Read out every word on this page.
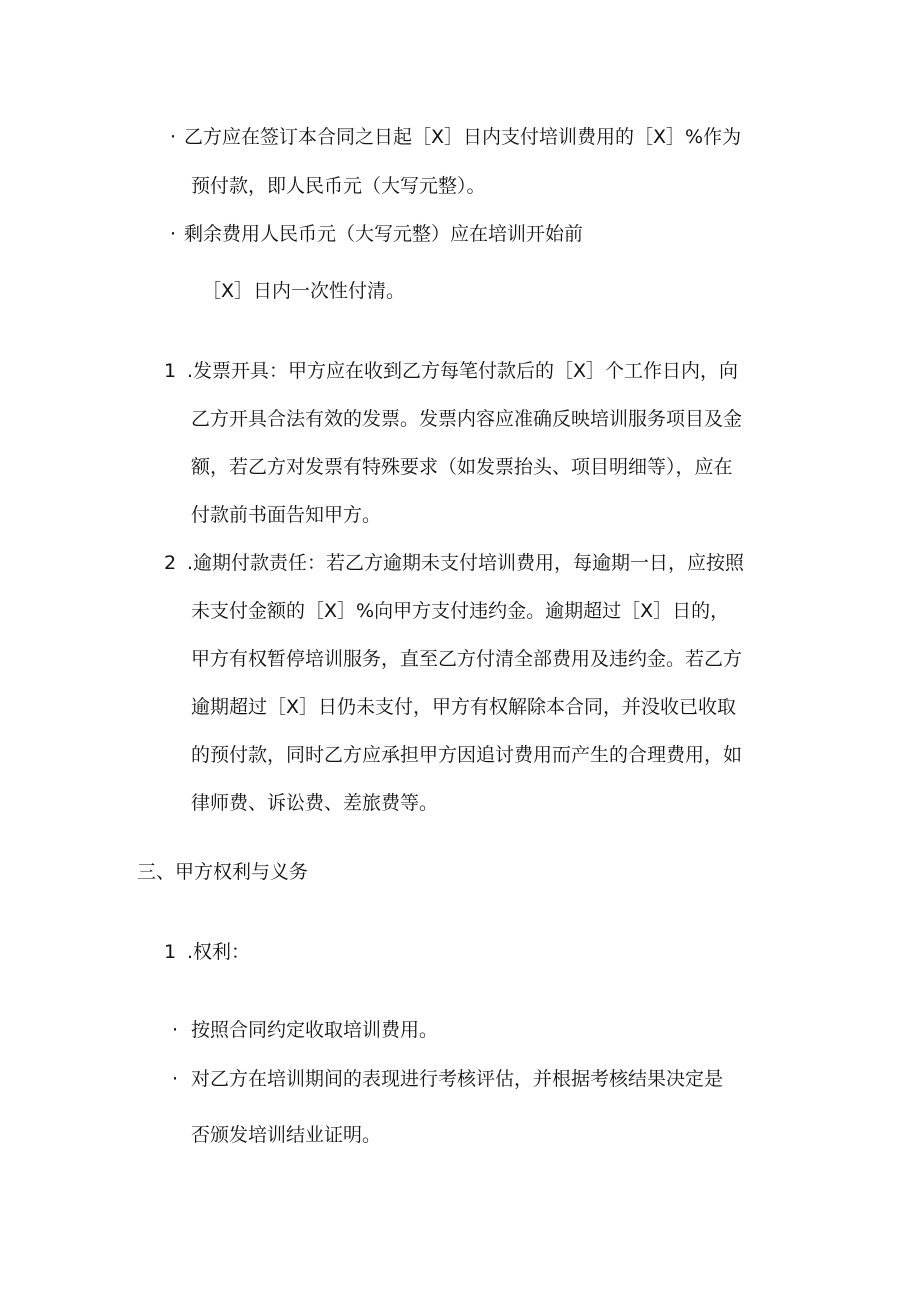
· 乙方应在签订本合同之日起［X］日内支付培训费用的［X］%作为
预付款，即人民币元（大写元整）。
· 剩余费用人民币元（大写元整）应在培训开始前
［X］日内一次性付清。
1 .发票开具：甲方应在收到乙方每笔付款后的［X］个工作日内，向
乙方开具合法有效的发票。发票内容应准确反映培训服务项目及金
额，若乙方对发票有特殊要求（如发票抬头、项目明细等），应在
付款前书面告知甲方。
2 .逾期付款责任：若乙方逾期未支付培训费用，每逾期一日，应按照
未支付金额的［X］%向甲方支付违约金。逾期超过［X］日的，
甲方有权暂停培训服务，直至乙方付清全部费用及违约金。若乙方
逾期超过［X］日仍未支付，甲方有权解除本合同，并没收已收取
的预付款，同时乙方应承担甲方因追讨费用而产生的合理费用，如
律师费、诉讼费、差旅费等。
三、甲方权利与义务
1 .权利：
· 按照合同约定收取培训费用。
· 对乙方在培训期间的表现进行考核评估，并根据考核结果决定是
否颁发培训结业证明。
